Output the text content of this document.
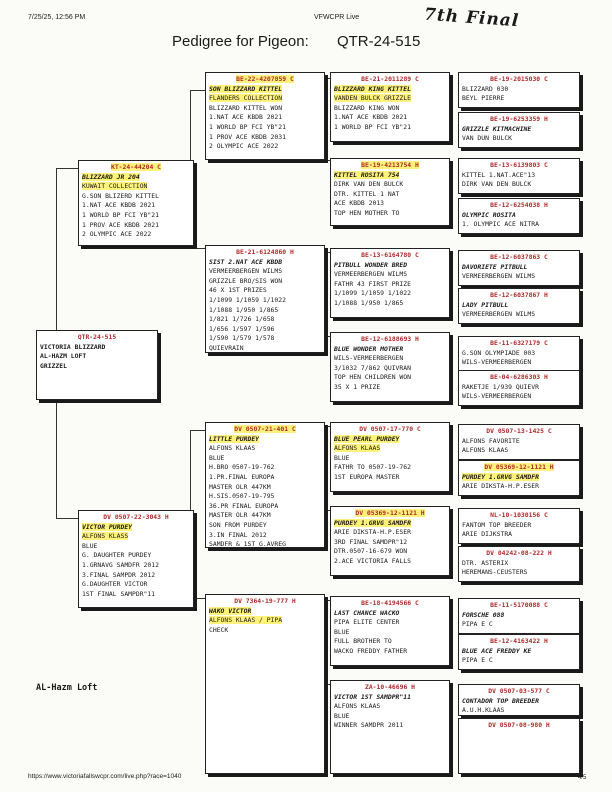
7/25/25, 12:56 PM	VFWCPR Live	7th Final
Pedigree for Pigeon: QTR-24-515
QTR-24-515
VICTORIA BLIZZARD
AL-HAZM LOFT
GRIZZEL
KT-24-44204 C
BLIZZARD JR 204
KUWAIT COLLECTION
G.SON BLIZERD KITTEL
1.NAT ACE KBDB 2021
1 WORLD BP FCI YB"21
1 PROV ACE KBDB 2021
2 OLYMPIC ACE 2022
DV 0507-22-3043 H
VICTOR PURDEY
ALFONS KLASS
BLUE
G. DAUGHTER PURDEY
1.GRNAVG SAMDFR 2012
3.FINAL SAMPDR 2012
G.DAUGHTER VICTOR
1ST FINAL SAMPDR"11
BE-22-4207859 C
SON BLIZZARD KITTEL
FLANDERS COLLECTION
BLIZZARD KITTEL WON
1.NAT ACE KBDB 2021
1 WORLD BP FCI YB"21
1 PROV ACE KBDB 2031
2 OLYMPIC ACE 2022
BE-21-6124860 H
SIST 2.NAT ACE KBDB
VERMEERBERGEN WILMS
GRIZZLE BRO/SIS WON
46 X 1ST PRIZES
1/1099 1/1059 1/1022
1/1088 1/950 1/865
1/821 1/726 1/658
1/656 1/597 1/596
1/590 1/579 1/578
QUIEVRAIN
DV 0507-21-401 C
LITTLE PURDEY
ALFONS KLAAS
BLUE
H.BRO 0507-19-762
1.PR.FINAL EUROPA
MASTER OLR 447KM
H.SIS.0507-19-795
36.PR FINAL EUROPA
MASTER OLR 447KM
SON FROM PURDEY
3.IN FINAL 2012
SAMDFR & 1ST G.AVREG
DV 7364-19-777 H
WAKO VICTOR
ALFONS KLAAS / PIPA
CHECK
BE-21-2011289 C
BLIZZARD KING KITTEL
VANDEN BULCK GRIZZLE
BLIZZARD KING WON
1.NAT ACE KBDB 2021
1 WORLD BP FCI YB"21
BE-19-4213754 H
KITTEL ROSITA 754
DIRK VAN DEN BULCK
DTR. KITTEL 1 NAT
ACE KBDB 2013
TOP HEN MOTHER TO
BE-13-6164780 C
PITBULL WONDER BRED
VERMEERBERGEN WILMS
FATHR 43 FIRST PRIZE
1/1099 1/1059 1/1022
1/1088 1/950 1/865
BE-12-6188693 H
BLUE WONDER MOTHER
WILS-VERMEERBERGEN
3/1032 7/862 QUIVRAN
TOP HEN CHILDREN WON
35 X 1 PRIZE
DV 0507-17-770 C
BLUE PEARL PURDEY
ALFONS KLAAS
BLUE
FATHR TO 0507-19-762
1ST EUROPA MASTER
DV 05369-12-1121 H
PURDEY 1.GRVG SAMDFR
ARIE DIKSTA-H.P.ESER
3RD FINAL SAMDPR"12
DTR.0507-16-679 WON
2.ACE VICTORIA FALLS
BE-18-4194566 C
LAST CHANCE WACKO
PIPA ELITE CENTER
BLUE
FULL BROTHER TO
WACKO FREDDY FATHER
ZA-10-46696 H
VICTOR 1ST SAMDPR"11
ALFONS KLAAS
BLUE
WINNER SAMDPR 2011
BE-19-2015030 C
BLIZZARD 030
BEYL PIERRE
BE-19-6253359 H
GRIZZLE KITMACHINE
VAN DUN BULCK
BE-13-6139803 C
KITTEL 1.NAT.ACE"13
DIRK VAN DEN BULCK
BE-12-6254038 H
OLYMPIC ROSITA
1. OLYMPIC ACE NITRA
BE-12-6037863 C
DAVORIETE PITBULL
VERMEERBERGEN WILMS
BE-12-6037867 H
LADY PITBULL
VERMEERBERGEN WILMS
BE-11-6327179 C
G.SON OLYMPIADE 003
WILS-VERMEERBERGEN
BE-04-6286303 H
RAKETJE 1/939 QUIEVR
WILS-VERMEERBERGEN
DV 0507-13-1425 C
ALFONS FAVORITE
ALFONS KLAAS
DV 05369-12-1121 H
PURDEY 1.GRVG SAMDFR
ARIE DIKSTA-H.P.ESER
NL-10-1030156 C
FANTOM TOP BREEDER
ARIE DIJKSTRA
DV 04242-08-222 H
DTR. ASTERIX
HEREMANS-CEUSTERS
BE-11-5170088 C
FORSCHE 088
PIPA E C
BE-12-4163422 H
BLUE ACE FREDDY KE
PIPA E C
DV 0507-03-577 C
CONTADOR TOP BREEDER
A.U.H.KLAAS
DV 0507-08-980 H
AL-Hazm Loft
https://www.victoriafallswcpr.com/live.php?race=1040	4/5
